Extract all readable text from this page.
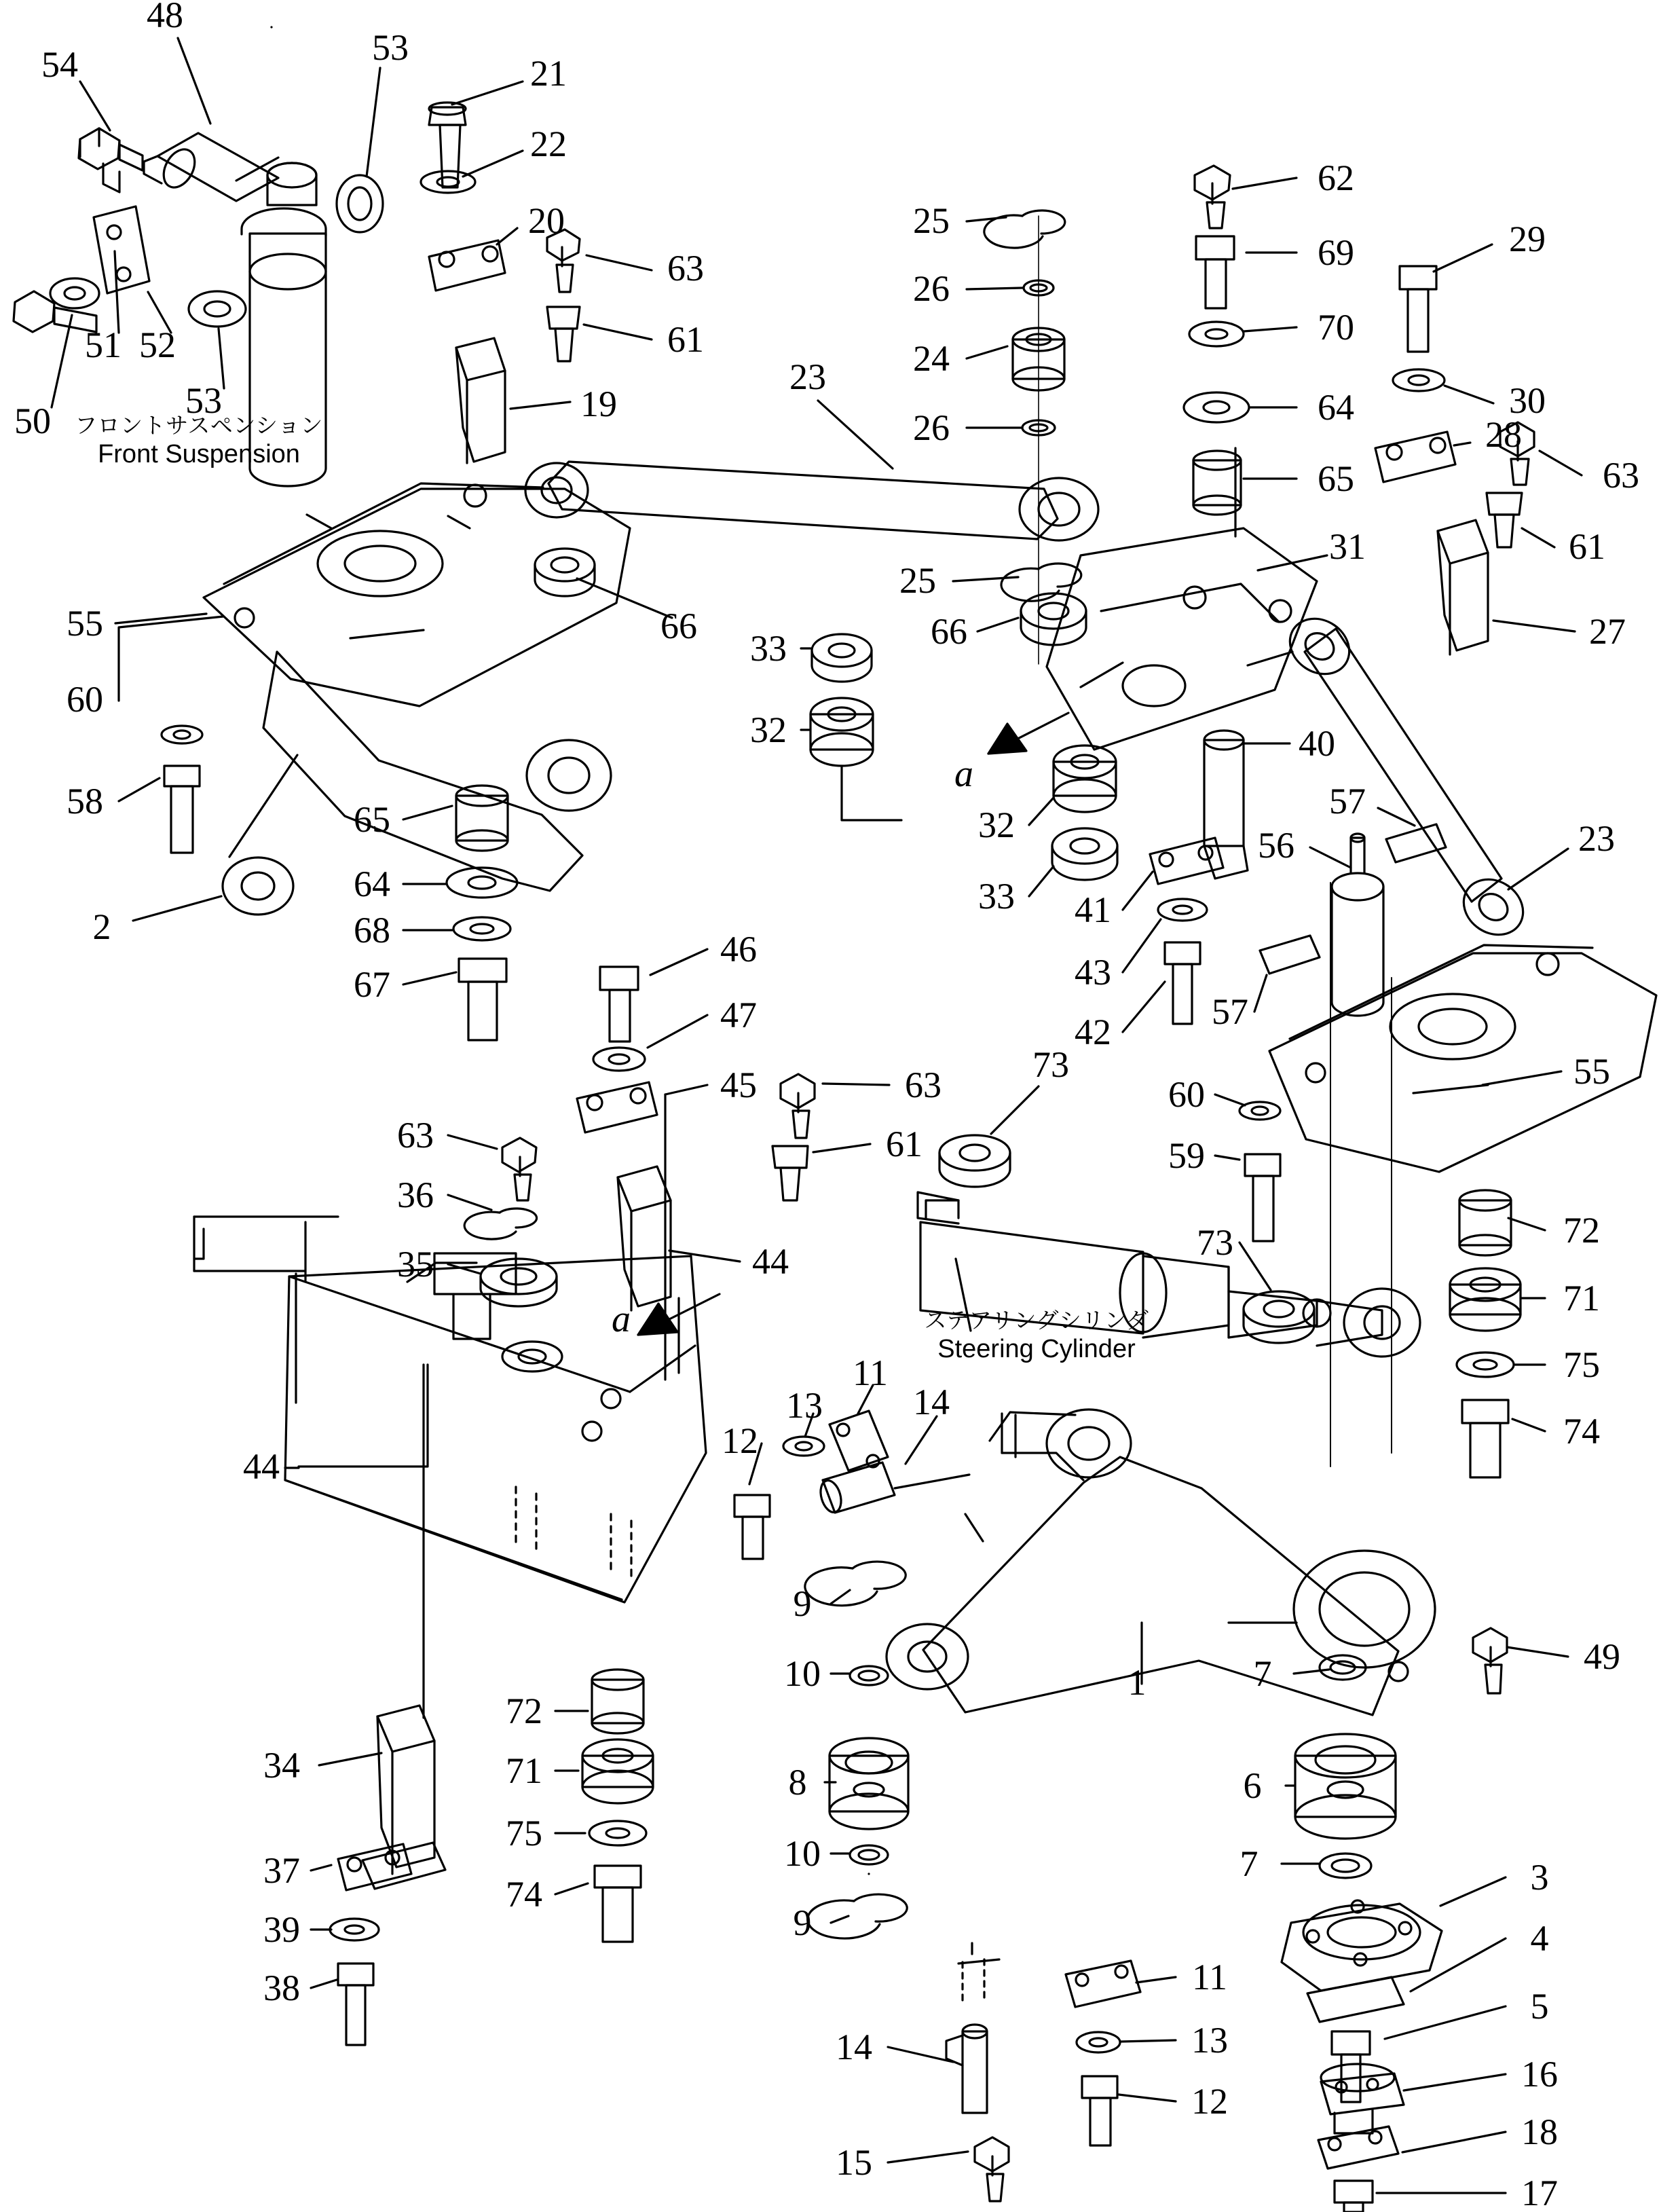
54
48
53
21
22
20
63
61
50
51 52
53	19
23
25
26
24
26
62
69
70
64
65
29
30
28
63
61
31
27
25
66	66
33
32
55
60
58
2
65
64
68
67
32
33 41
43
42
40
57
56
57
23
55
46
47
45	63
61
63
36
35	44
73
60
59
73	72
71
75
74
44
12
13
11
14
9
10	1	7	49
8	6
72
71
75
74
34
37
39
38
10
9
7	3
4
5
16
18
17
11
13
12
14
15
フロントサスペンション
Front Suspension
ステアリングシリンダ
Steering Cylinder
a
a
